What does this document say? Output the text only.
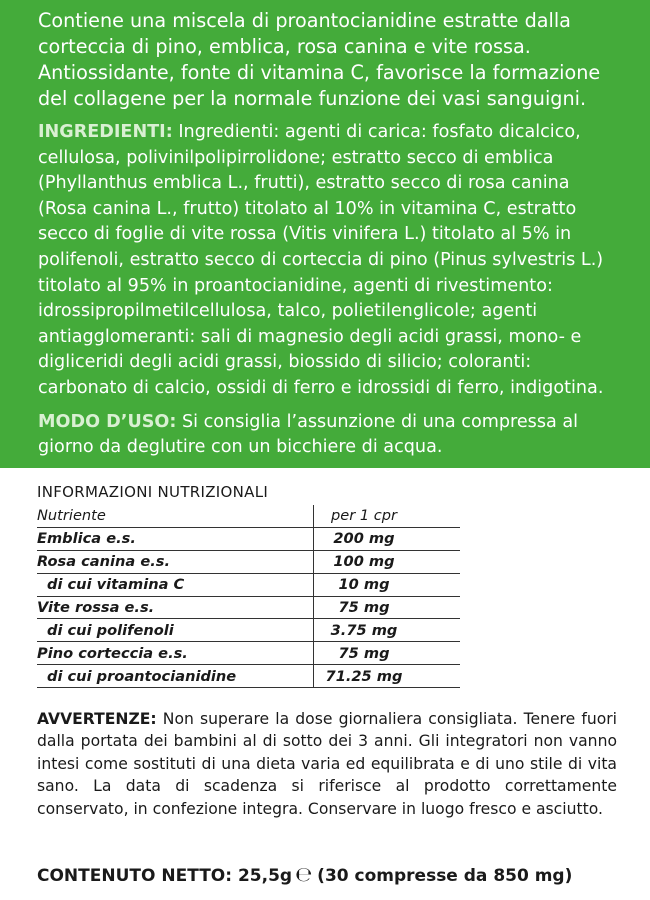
Contiene una miscela di proantocianidine estratte dalla corteccia di pino, emblica, rosa canina e vite rossa. Antiossidante, fonte di vitamina C, favorisce la formazione del collagene per la normale funzione dei vasi sanguigni.

INGREDIENTI: Ingredienti: agenti di carica: fosfato dicalcico, cellulosa, polivinilpolipirrolidone; estratto secco di emblica (Phyllanthus emblica L., frutti), estratto secco di rosa canina (Rosa canina L., frutto) titolato al 10% in vitamina C, estratto secco di foglie di vite rossa (Vitis vinifera L.) titolato al 5% in polifenoli, estratto secco di corteccia di pino (Pinus sylvestris L.) titolato al 95% in proantocianidine, agenti di rivestimento: idrossipropilmetilcellulosa, talco, polietilenglicole; agenti antiagglomeranti: sali di magnesio degli acidi grassi, mono- e digliceridi degli acidi grassi, biossido di silicio; coloranti: carbonato di calcio, ossidi di ferro e idrossidi di ferro, indigotina.

MODO D’USO: Si consiglia l’assunzione di una compressa al giorno da deglutire con un bicchiere di acqua.

INFORMAZIONI NUTRIZIONALI
Nutriente	per 1 cpr
Emblica e.s.	200 mg
Rosa canina e.s.	100 mg
di cui vitamina C	10 mg
Vite rossa e.s.	75 mg
di cui polifenoli	3.75 mg
Pino corteccia e.s.	75 mg
di cui proantocianidine	71.25 mg
AVVERTENZE: Non superare la dose giornaliera consigliata. Tenere fuori dalla portata dei bambini al di sotto dei 3 anni. Gli integratori non vanno intesi come sostituti di una dieta varia ed equilibrata e di uno stile di vita sano. La data di scadenza si riferisce al prodotto correttamente conservato, in confezione integra. Conservare in luogo fresco e asciutto.
CONTENUTO NETTO: 25,5g ℮ (30 compresse da 850 mg)
